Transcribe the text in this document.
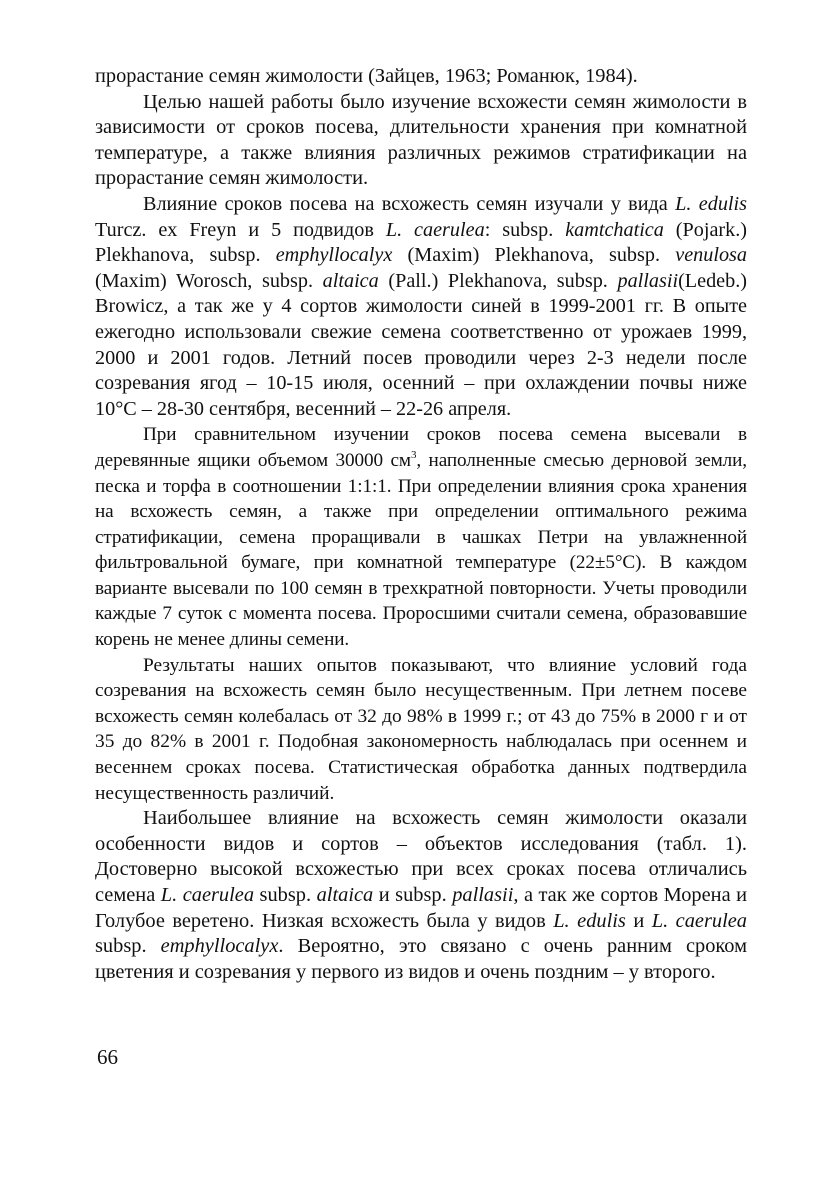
прорастание семян жимолости (Зайцев, 1963; Романюк, 1984).

Целью нашей работы было изучение всхожести семян жимолости в зависимости от сроков посева, длительности хранения при комнатной температуре, а также влияния различных режимов стратификации на прорастание семян жимолости.

Влияние сроков посева на всхожесть семян изучали у вида L. edulis Turcz. ex Freyn и 5 подвидов L. caerulea: subsp. kamtchatica (Pojark.) Plekhanova, subsp. emphyllocalyx (Maxim) Plekhanova, subsp. venulosa (Maxim) Worosch, subsp. altaica (Pall.) Plekhanova, subsp. pallasii(Ledeb.) Browicz, а так же у 4 сортов жимолости синей в 1999-2001 гг. В опыте ежегодно использовали свежие семена соответственно от урожаев 1999, 2000 и 2001 годов. Летний посев проводили через 2-3 недели после созревания ягод – 10-15 июля, осенний – при охлаждении почвы ниже 10°С – 28-30 сентября, весенний – 22-26 апреля.

При сравнительном изучении сроков посева семена высевали в деревянные ящики объемом 30000 $см^3$, наполненные смесью дерновой земли, песка и торфа в соотношении 1:1:1. При определении влияния срока хранения на всхожесть семян, а также при определении оптимального режима стратификации, семена проращивали в чашках Петри на увлажненной фильтровальной бумаге, при комнатной температуре (22±5°С). В каждом варианте высевали по 100 семян в трехкратной повторности. Учеты проводили каждые 7 суток с момента посева. Проросшими считали семена, образовавшие корень не менее длины семени.

Результаты наших опытов показывают, что влияние условий года созревания на всхожесть семян было несущественным. При летнем посеве всхожесть семян колебалась от 32 до 98% в 1999 г.; от 43 до 75% в 2000 г и от 35 до 82% в 2001 г. Подобная закономерность наблюдалась при осеннем и весеннем сроках посева. Статистическая обработка данных подтвердила несущественность различий.

Наибольшее влияние на всхожесть семян жимолости оказали особенности видов и сортов – объектов исследования (табл. 1). Достоверно высокой всхожестью при всех сроках посева отличались семена L. caerulea subsp. altaica и subsp. pallasii, а так же сортов Морена и Голубое веретено. Низкая всхожесть была у видов L. edulis и L. caerulea subsp. emphyllocalyx. Вероятно, это связано с очень ранним сроком цветения и созревания у первого из видов и очень поздним – у второго.

66
